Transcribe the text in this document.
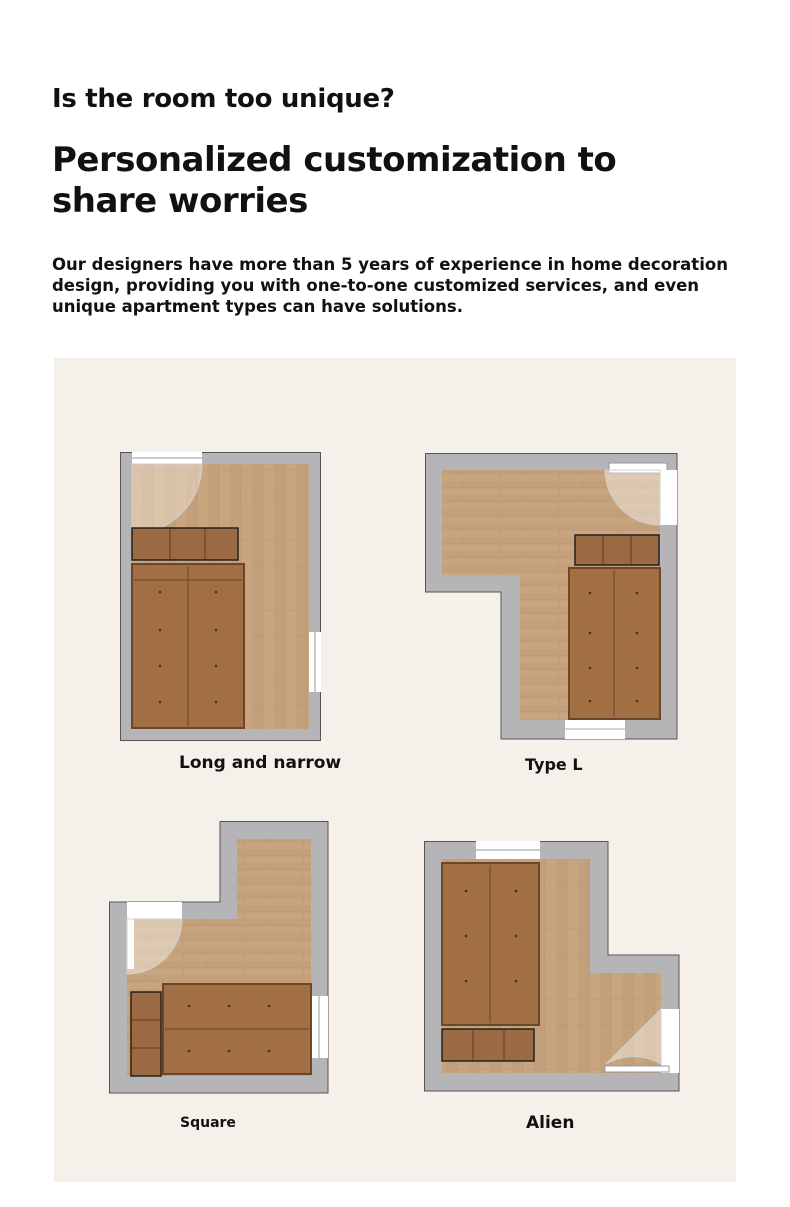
Is the room too unique?
Personalized customization to share worries

Our designers have more than 5 years of experience in home decoration design, providing you with one-to-one customized services, and even unique apartment types can have solutions.

Long and narrow	Type L
Square	Alien
